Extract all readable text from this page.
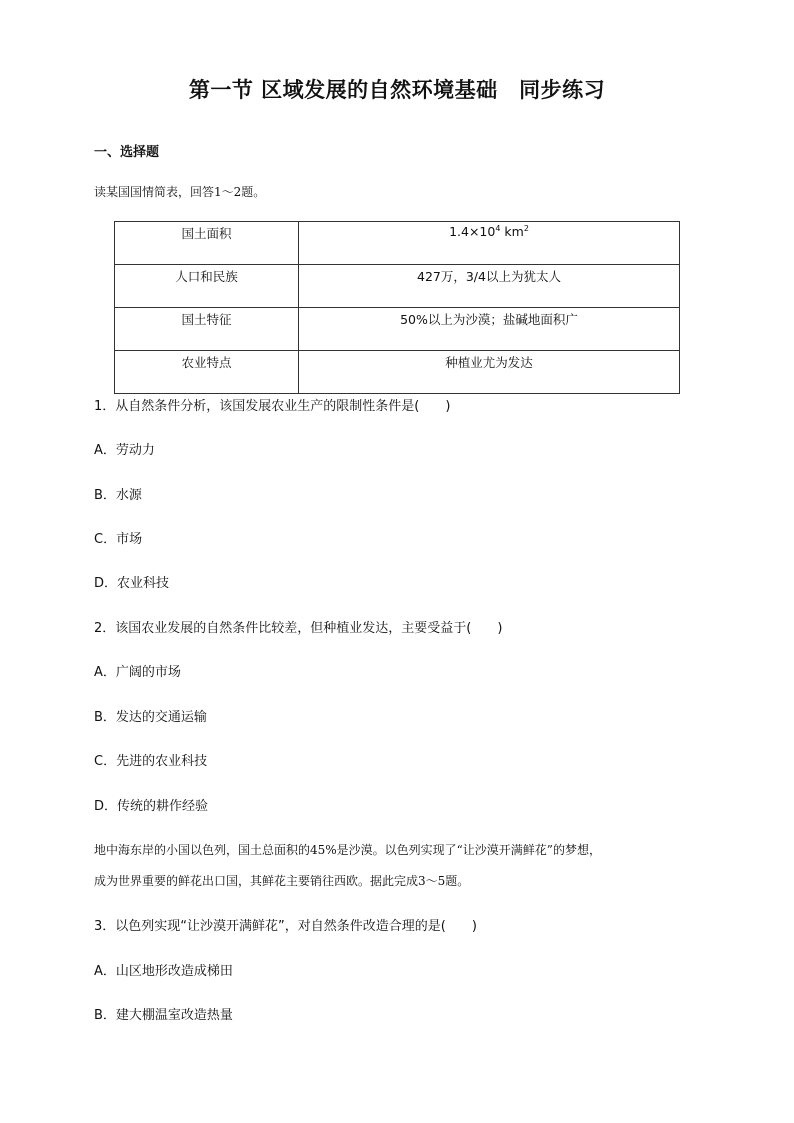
第一节 区域发展的自然环境基础　同步练习
一、选择题
读某国国情简表，回答1～2题。
国土面积	$1.4\times 10^4$ $km^2$
人口和民族	427万，3/4以上为犹太人
国土特征	50%以上为沙漠；盐碱地面积广
农业特点	种植业尤为发达
1．从自然条件分析，该国发展农业生产的限制性条件是(　　)
A．劳动力
B．水源
C．市场
D．农业科技
2．该国农业发展的自然条件比较差，但种植业发达，主要受益于(　　)
A．广阔的市场
B．发达的交通运输
C．先进的农业科技
D．传统的耕作经验
地中海东岸的小国以色列，国土总面积的45%是沙漠。以色列实现了“让沙漠开满鲜花”的梦想，
成为世界重要的鲜花出口国，其鲜花主要销往西欧。据此完成3～5题。
3．以色列实现“让沙漠开满鲜花”，对自然条件改造合理的是(　　)
A．山区地形改造成梯田
B．建大棚温室改造热量
